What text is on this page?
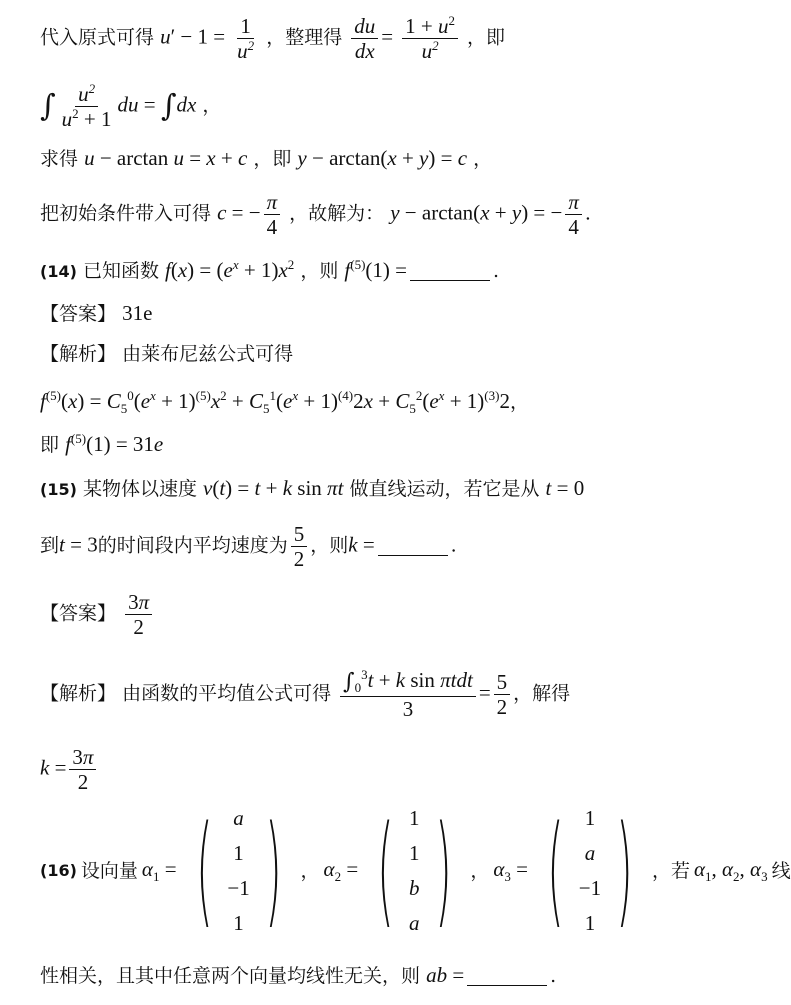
代入原式可得 $u' - 1 = \frac{1}{u^2}$ ，整理得 $\frac{du}{dx} = \frac{1 + u^2}{u^2}$ ，即
∫ $\frac{u^2}{u^2 + 1}$ du = ∫dx ，
求得 u − arctan u = x + c ，即 y − arctan(x + y) = c ，
把初始条件带入可得 c = − $\frac{\pi}{4}$ ，故解为： y − arctan(x + y) = − $\frac{\pi}{4}$ .
(14) 已知函数 $f(x) = (e^x + 1)x^2$ ，则 $f^{(5)}(1)$ =	.
【答案】 31e
【解析】 由莱布尼兹公式可得
$f^{(5)}(x) = C_5^0(e^x + 1)^{(5)}x^2 + C_5^1(e^x + 1)^{(4)}2x + C_5^2(e^x + 1)^{(3)}2$，
即 $f^{(5)}(1) = 31e$
(15) 某物体以速度 v(t) = t + k sin πt 做直线运动，若它是从 t = 0
到t = 3的时间段内平均速度为 $\frac{5}{2}$ ，则k =	.
【答案】 $\frac{3\pi}{2}$
【解析】 由函数的平均值公式可得 $\frac{\int_0^3t + k \sin \pi tdt}{3} = \frac{5}{2}$ ，解得
$k = \frac{3\pi}{2}$
(16) 设向量 $\alpha_1$ = ( a
1
−1
1 ) ， $\alpha_2$ = ( 1
1
b
a ) ， $\alpha_3$ = ( 1
a
−1
1 ) ，若 $\alpha_1$, $\alpha_2$, $\alpha_3$ 线
性相关，且其中任意两个向量均线性无关，则 ab =	.
